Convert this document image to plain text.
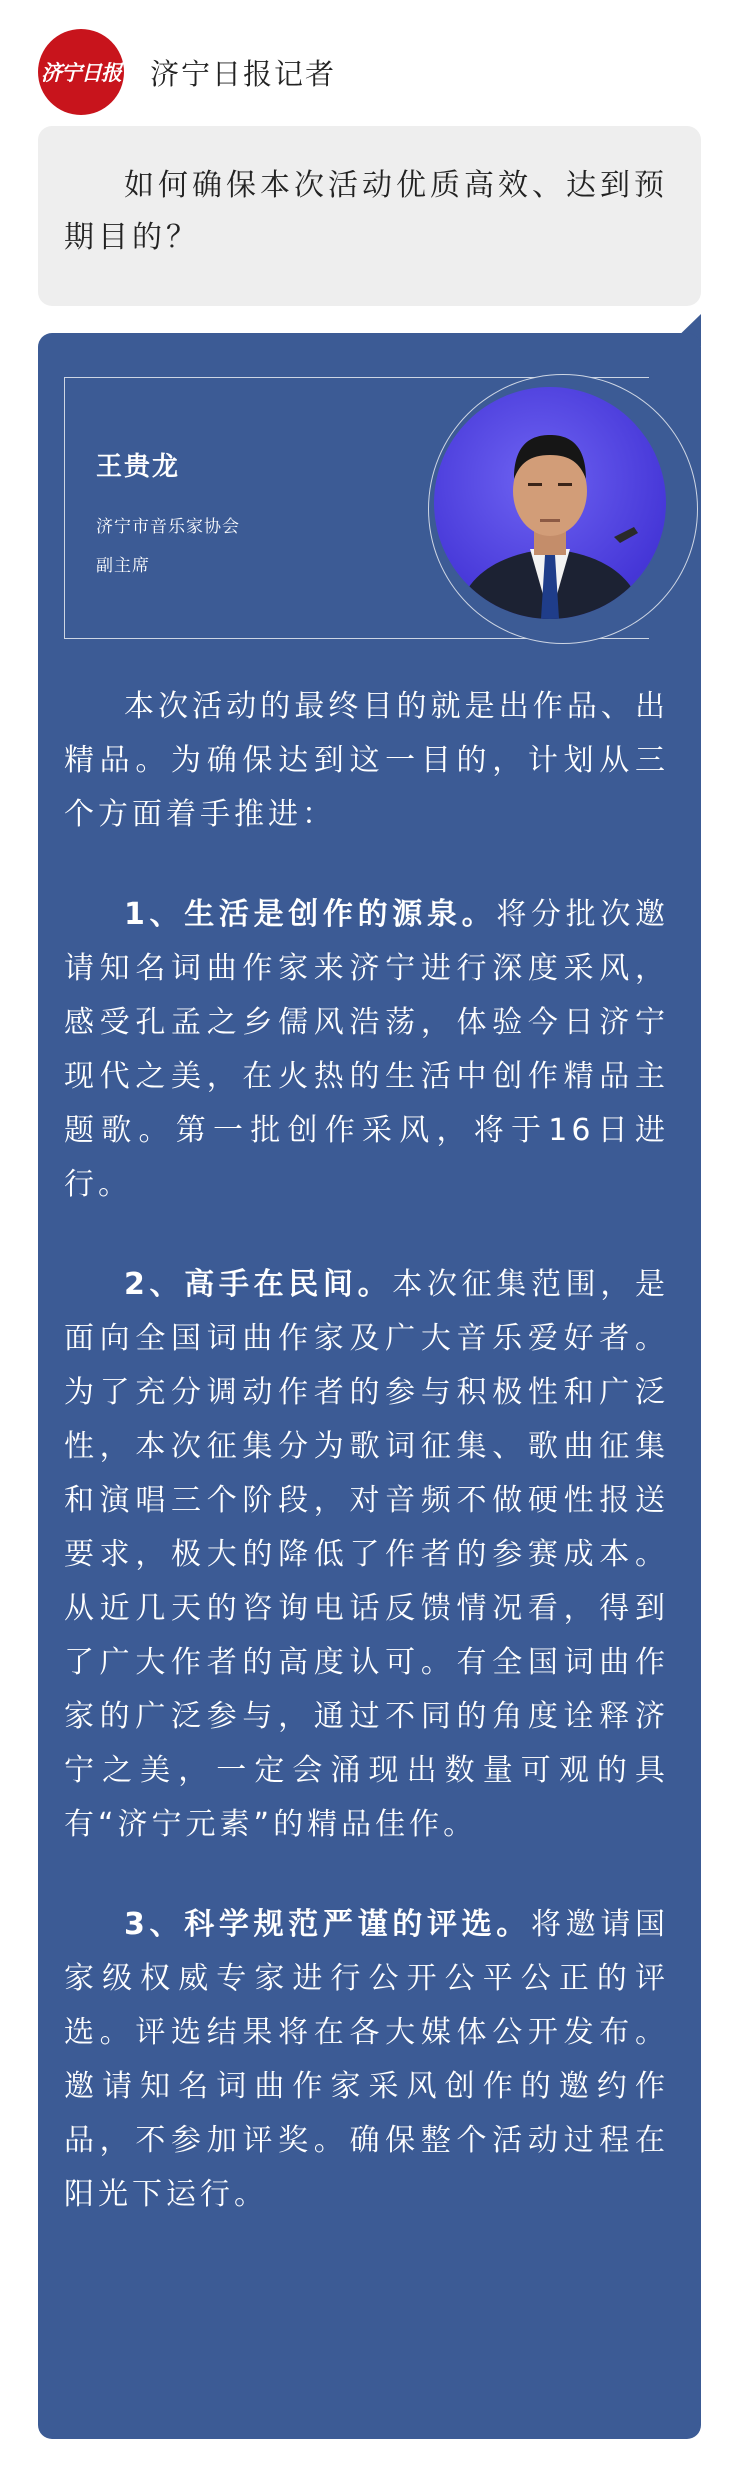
济宁日报 济宁日报记者

如何确保本次活动优质高效、达到预期目的？

王贵龙
济宁市音乐家协会
副主席

本次活动的最终目的就是出作品、出精品。为确保达到这一目的，计划从三个方面着手推进：

1、生活是创作的源泉。将分批次邀请知名词曲作家来济宁进行深度采风，感受孔孟之乡儒风浩荡，体验今日济宁现代之美，在火热的生活中创作精品主题歌。第一批创作采风，将于16日进行。

2、高手在民间。本次征集范围，是面向全国词曲作家及广大音乐爱好者。为了充分调动作者的参与积极性和广泛性，本次征集分为歌词征集、歌曲征集和演唱三个阶段，对音频不做硬性报送要求，极大的降低了作者的参赛成本。从近几天的咨询电话反馈情况看，得到了广大作者的高度认可。有全国词曲作家的广泛参与，通过不同的角度诠释济宁之美，一定会涌现出数量可观的具有“济宁元素”的精品佳作。

3、科学规范严谨的评选。将邀请国家级权威专家进行公开公平公正的评选。评选结果将在各大媒体公开发布。邀请知名词曲作家采风创作的邀约作品，不参加评奖。确保整个活动过程在阳光下运行。
